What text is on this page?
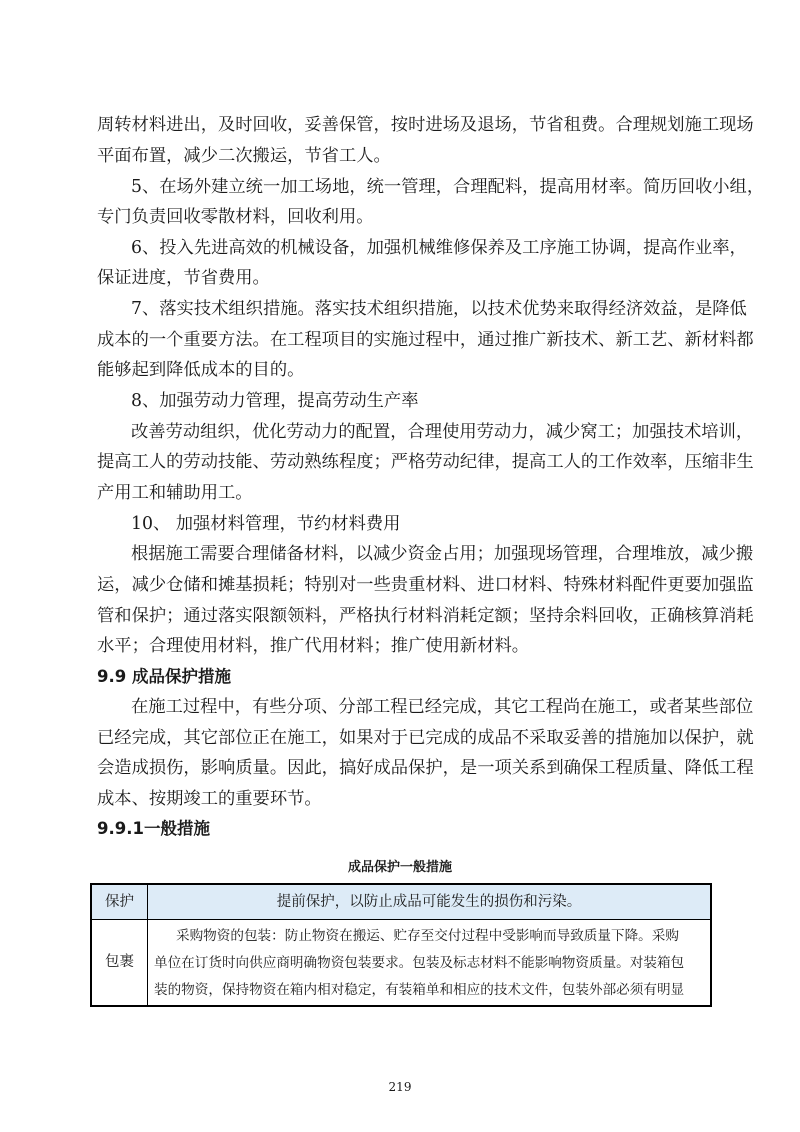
周转材料进出，及时回收，妥善保管，按时进场及退场，节省租费。合理规划施工现场

平面布置，减少二次搬运，节省工人。

5、在场外建立统一加工场地，统一管理，合理配料，提高用材率。简历回收小组，

专门负责回收零散材料，回收利用。

6、投入先进高效的机械设备，加强机械维修保养及工序施工协调，提高作业率，

保证进度，节省费用。

7、落实技术组织措施。落实技术组织措施，以技术优势来取得经济效益，是降低

成本的一个重要方法。在工程项目的实施过程中，通过推广新技术、新工艺、新材料都

能够起到降低成本的目的。

8、加强劳动力管理，提高劳动生产率

改善劳动组织，优化劳动力的配置，合理使用劳动力，减少窝工；加强技术培训，

提高工人的劳动技能、劳动熟练程度；严格劳动纪律，提高工人的工作效率，压缩非生

产用工和辅助用工。

10、 加强材料管理，节约材料费用

根据施工需要合理储备材料，以减少资金占用；加强现场管理，合理堆放，减少搬

运，减少仓储和摊基损耗；特别对一些贵重材料、进口材料、特殊材料配件更要加强监

管和保护；通过落实限额领料，严格执行材料消耗定额；坚持余料回收，正确核算消耗

水平；合理使用材料，推广代用材料；推广使用新材料。

9.9 成品保护措施

在施工过程中，有些分项、分部工程已经完成，其它工程尚在施工，或者某些部位

已经完成，其它部位正在施工，如果对于已完成的成品不采取妥善的措施加以保护，就

会造成损伤，影响质量。因此，搞好成品保护，是一项关系到确保工程质量、降低工程

成本、按期竣工的重要环节。

9.9.1一般措施

成品保护一般措施

保护	提前保护，以防止成品可能发生的损伤和污染。
包裹

采购物资的包装：防止物资在搬运、贮存至交付过程中受影响而导致质量下降。采购

单位在订货时向供应商明确物资包装要求。包装及标志材料不能影响物资质量。对装箱包

装的物资，保持物资在箱内相对稳定，有装箱单和相应的技术文件，包装外部必须有明显

219
